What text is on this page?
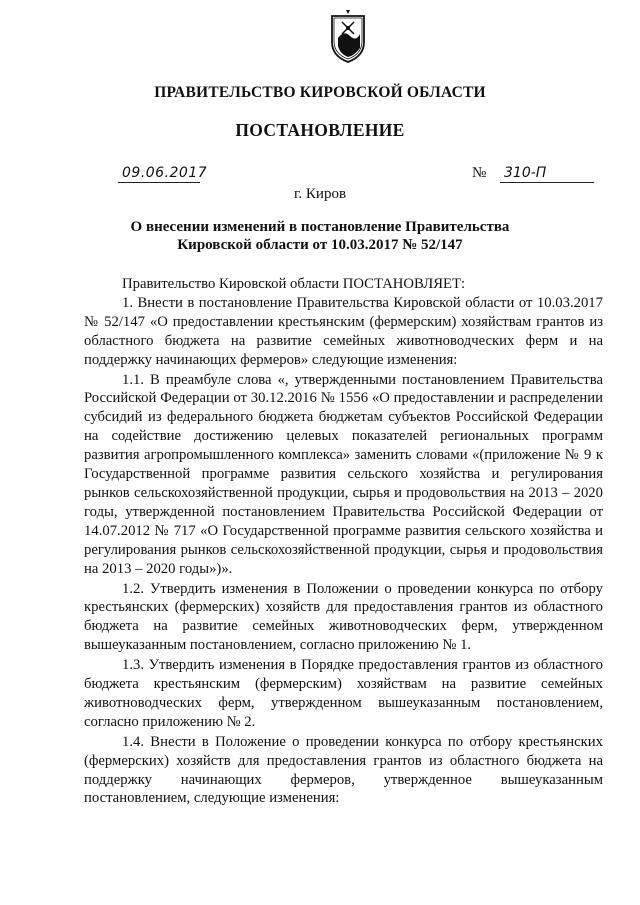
ПРАВИТЕЛЬСТВО КИРОВСКОЙ ОБЛАСТИ
ПОСТАНОВЛЕНИЕ
09.06.2017	№ 310-П
г. Киров
О внесении изменений в постановление Правительства
Кировской области от 10.03.2017 № 52/147

Правительство Кировской области ПОСТАНОВЛЯЕТ:

1. Внести в постановление Правительства Кировской области от 10.03.2017 № 52/147 «О предоставлении крестьянским (фермерским) хозяйствам грантов из областного бюджета на развитие семейных животноводческих ферм и на поддержку начинающих фермеров» следующие изменения:

1.1. В преамбуле слова «, утвержденными постановлением Правительства Российской Федерации от 30.12.2016 № 1556 «О предоставлении и распределении субсидий из федерального бюджета бюджетам субъектов Российской Федерации на содействие достижению целевых показателей региональных программ развития агропромышленного комплекса» заменить словами «(приложение № 9 к Государственной программе развития сельского хозяйства и регулирования рынков сельскохозяйственной продукции, сырья и продовольствия на 2013 – 2020 годы, утвержденной постановлением Правительства Российской Федерации от 14.07.2012 № 717 «О Государственной программе развития сельского хозяйства и регулирования рынков сельскохозяйственной продукции, сырья и продовольствия на 2013 – 2020 годы»)».

1.2. Утвердить изменения в Положении о проведении конкурса по отбору крестьянских (фермерских) хозяйств для предоставления грантов из областного бюджета на развитие семейных животноводческих ферм, утвержденном вышеуказанным постановлением, согласно приложению № 1.

1.3. Утвердить изменения в Порядке предоставления грантов из областного бюджета крестьянским (фермерским) хозяйствам на развитие семейных животноводческих ферм, утвержденном вышеуказанным постановлением, согласно приложению № 2.

1.4. Внести в Положение о проведении конкурса по отбору крестьянских (фермерских) хозяйств для предоставления грантов из областного бюджета на поддержку начинающих фермеров, утвержденное вышеуказанным постановлением, следующие изменения:
